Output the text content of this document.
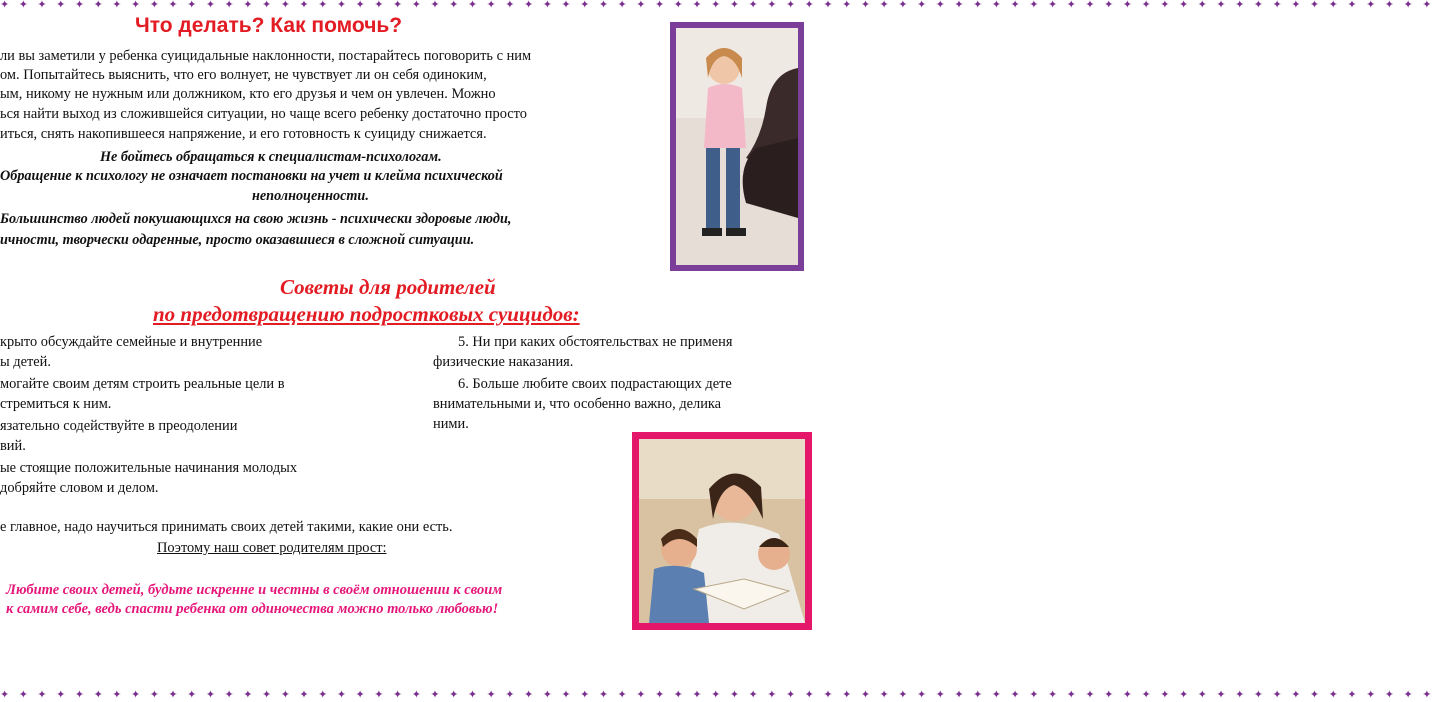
✦ ✦ ✦ ✦ ✦ ✦ ✦ ✦ ✦ ✦ ✦ ✦ ✦ ✦ ✦ ✦ ✦ ✦ ✦ ✦ ✦ ✦ ✦ ✦ ✦ ✦ ✦ ✦ ✦ ✦ ✦ ✦ ✦ ✦ ✦ ✦ ✦ ✦ ✦ ✦ ✦ ✦ ✦ ✦ ✦ ✦ ✦ ✦ ✦ ✦ ✦ ✦ ✦ ✦ ✦ ✦ ✦ ✦ ✦ ✦ ✦ ✦ ✦ ✦ ✦ ✦ ✦ ✦ ✦ ✦ ✦ ✦ ✦ ✦ ✦ ✦ ✦
Что делать? Как помочь?

ли вы заметили у ребенка суицидальные наклонности, постарайтесь поговорить с ним

ом. Попытайтесь выяснить, что его волнует, не чувствует ли он себя одиноким,

ым, никому не нужным или должником, кто его друзья и чем он увлечен. Можно

ься найти выход из сложившейся ситуации, но чаще всего ребенку достаточно просто

иться, снять накопившееся напряжение, и его готовность к суициду снижается.

Не бойтесь обращаться к специалистам-психологам.

Обращение к психологу не означает постановки на учет и клейма психической

неполноценности.

Большинство людей покушающихся на свою жизнь - психически здоровые люди,

ичности, творчески одаренные, просто оказавшиеся в сложной ситуации.

Советы для родителей
по предотвращению подростковых суицидов:

крыто обсуждайте семейные и внутренние

ы детей.

могайте своим детям строить реальные цели в

стремиться к ним.

язательно содействуйте в преодолении

вий.

ые стоящие положительные начинания молодых

добряйте словом и делом.

5. Ни при каких обстоятельствах не применя

физические наказания.

6. Больше любите своих подрастающих дете

внимательными и, что особенно важно, делика

ними.

е главное, надо научиться принимать своих детей такими, какие они есть.

Поэтому наш совет родителям прост:

Любите своих детей, будьте искренне и честны в своём отношении к своим

к самим себе, ведь спасти ребенка от одиночества можно только любовью!

✦ ✦ ✦ ✦ ✦ ✦ ✦ ✦ ✦ ✦ ✦ ✦ ✦ ✦ ✦ ✦ ✦ ✦ ✦ ✦ ✦ ✦ ✦ ✦ ✦ ✦ ✦ ✦ ✦ ✦ ✦ ✦ ✦ ✦ ✦ ✦ ✦ ✦ ✦ ✦ ✦ ✦ ✦ ✦ ✦ ✦ ✦ ✦ ✦ ✦ ✦ ✦ ✦ ✦ ✦ ✦ ✦ ✦ ✦ ✦ ✦ ✦ ✦ ✦ ✦ ✦ ✦ ✦ ✦ ✦ ✦ ✦ ✦ ✦ ✦ ✦ ✦
